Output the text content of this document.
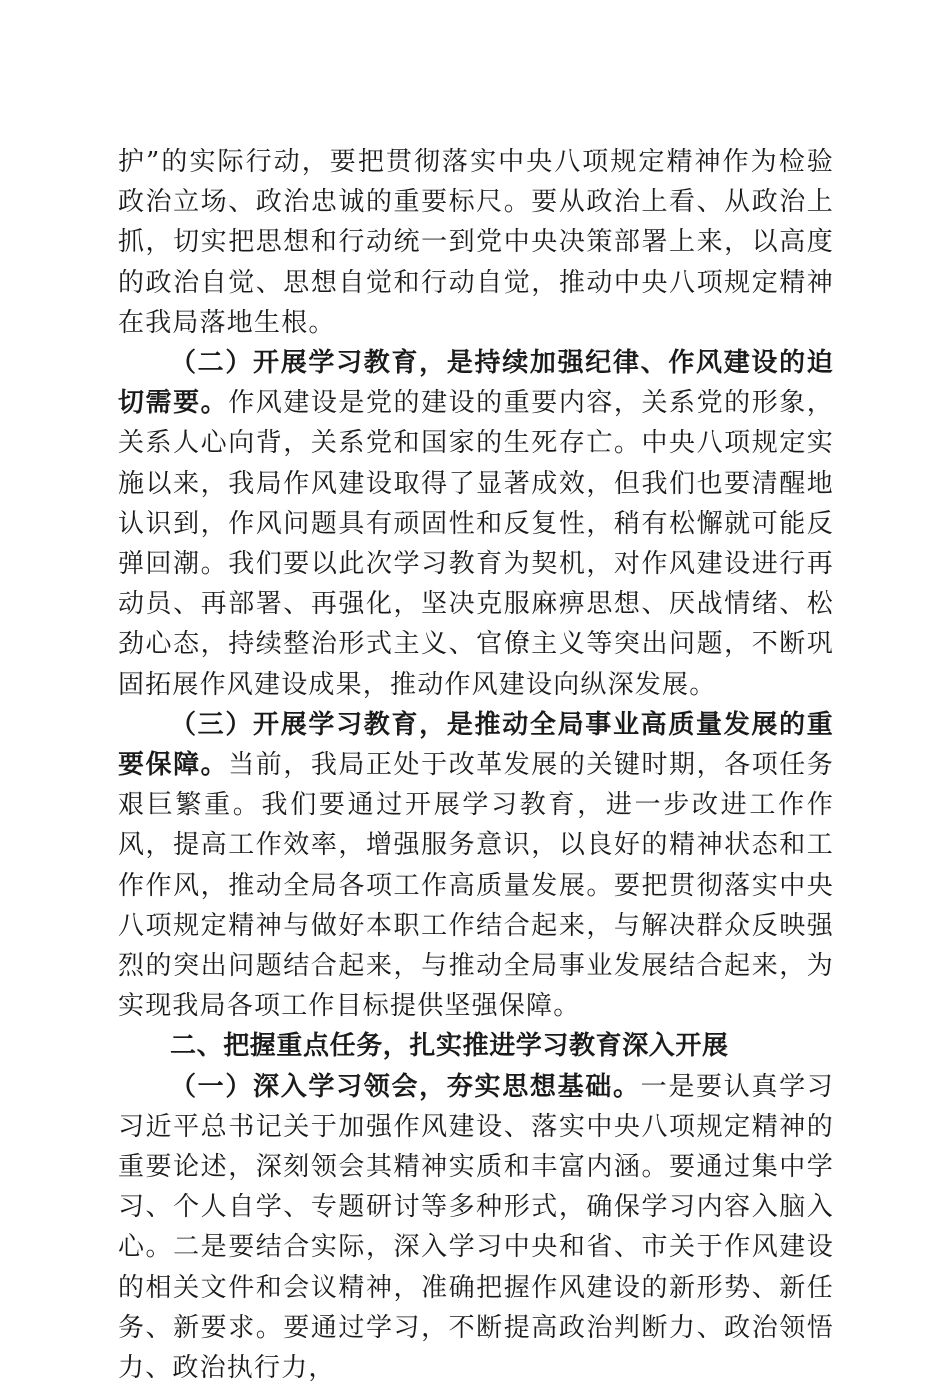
护”的实际行动，要把贯彻落实中央八项规定精神作为检验政治立场、政治忠诚的重要标尺。要从政治上看、从政治上抓，切实把思想和行动统一到党中央决策部署上来，以高度的政治自觉、思想自觉和行动自觉，推动中央八项规定精神在我局落地生根。

（二）开展学习教育，是持续加强纪律、作风建设的迫切需要。作风建设是党的建设的重要内容，关系党的形象，关系人心向背，关系党和国家的生死存亡。中央八项规定实施以来，我局作风建设取得了显著成效，但我们也要清醒地认识到，作风问题具有顽固性和反复性，稍有松懈就可能反弹回潮。我们要以此次学习教育为契机，对作风建设进行再动员、再部署、再强化，坚决克服麻痹思想、厌战情绪、松劲心态，持续整治形式主义、官僚主义等突出问题，不断巩固拓展作风建设成果，推动作风建设向纵深发展。

（三）开展学习教育，是推动全局事业高质量发展的重要保障。当前，我局正处于改革发展的关键时期，各项任务艰巨繁重。我们要通过开展学习教育，进一步改进工作作风，提高工作效率，增强服务意识，以良好的精神状态和工作作风，推动全局各项工作高质量发展。要把贯彻落实中央八项规定精神与做好本职工作结合起来，与解决群众反映强烈的突出问题结合起来，与推动全局事业发展结合起来，为实现我局各项工作目标提供坚强保障。

二、把握重点任务，扎实推进学习教育深入开展

（一）深入学习领会，夯实思想基础。一是要认真学习习近平总书记关于加强作风建设、落实中央八项规定精神的重要论述，深刻领会其精神实质和丰富内涵。要通过集中学习、个人自学、专题研讨等多种形式，确保学习内容入脑入心。二是要结合实际，深入学习中央和省、市关于作风建设的相关文件和会议精神，准确把握作风建设的新形势、新任务、新要求。要通过学习，不断提高政治判断力、政治领悟力、政治执行力，
